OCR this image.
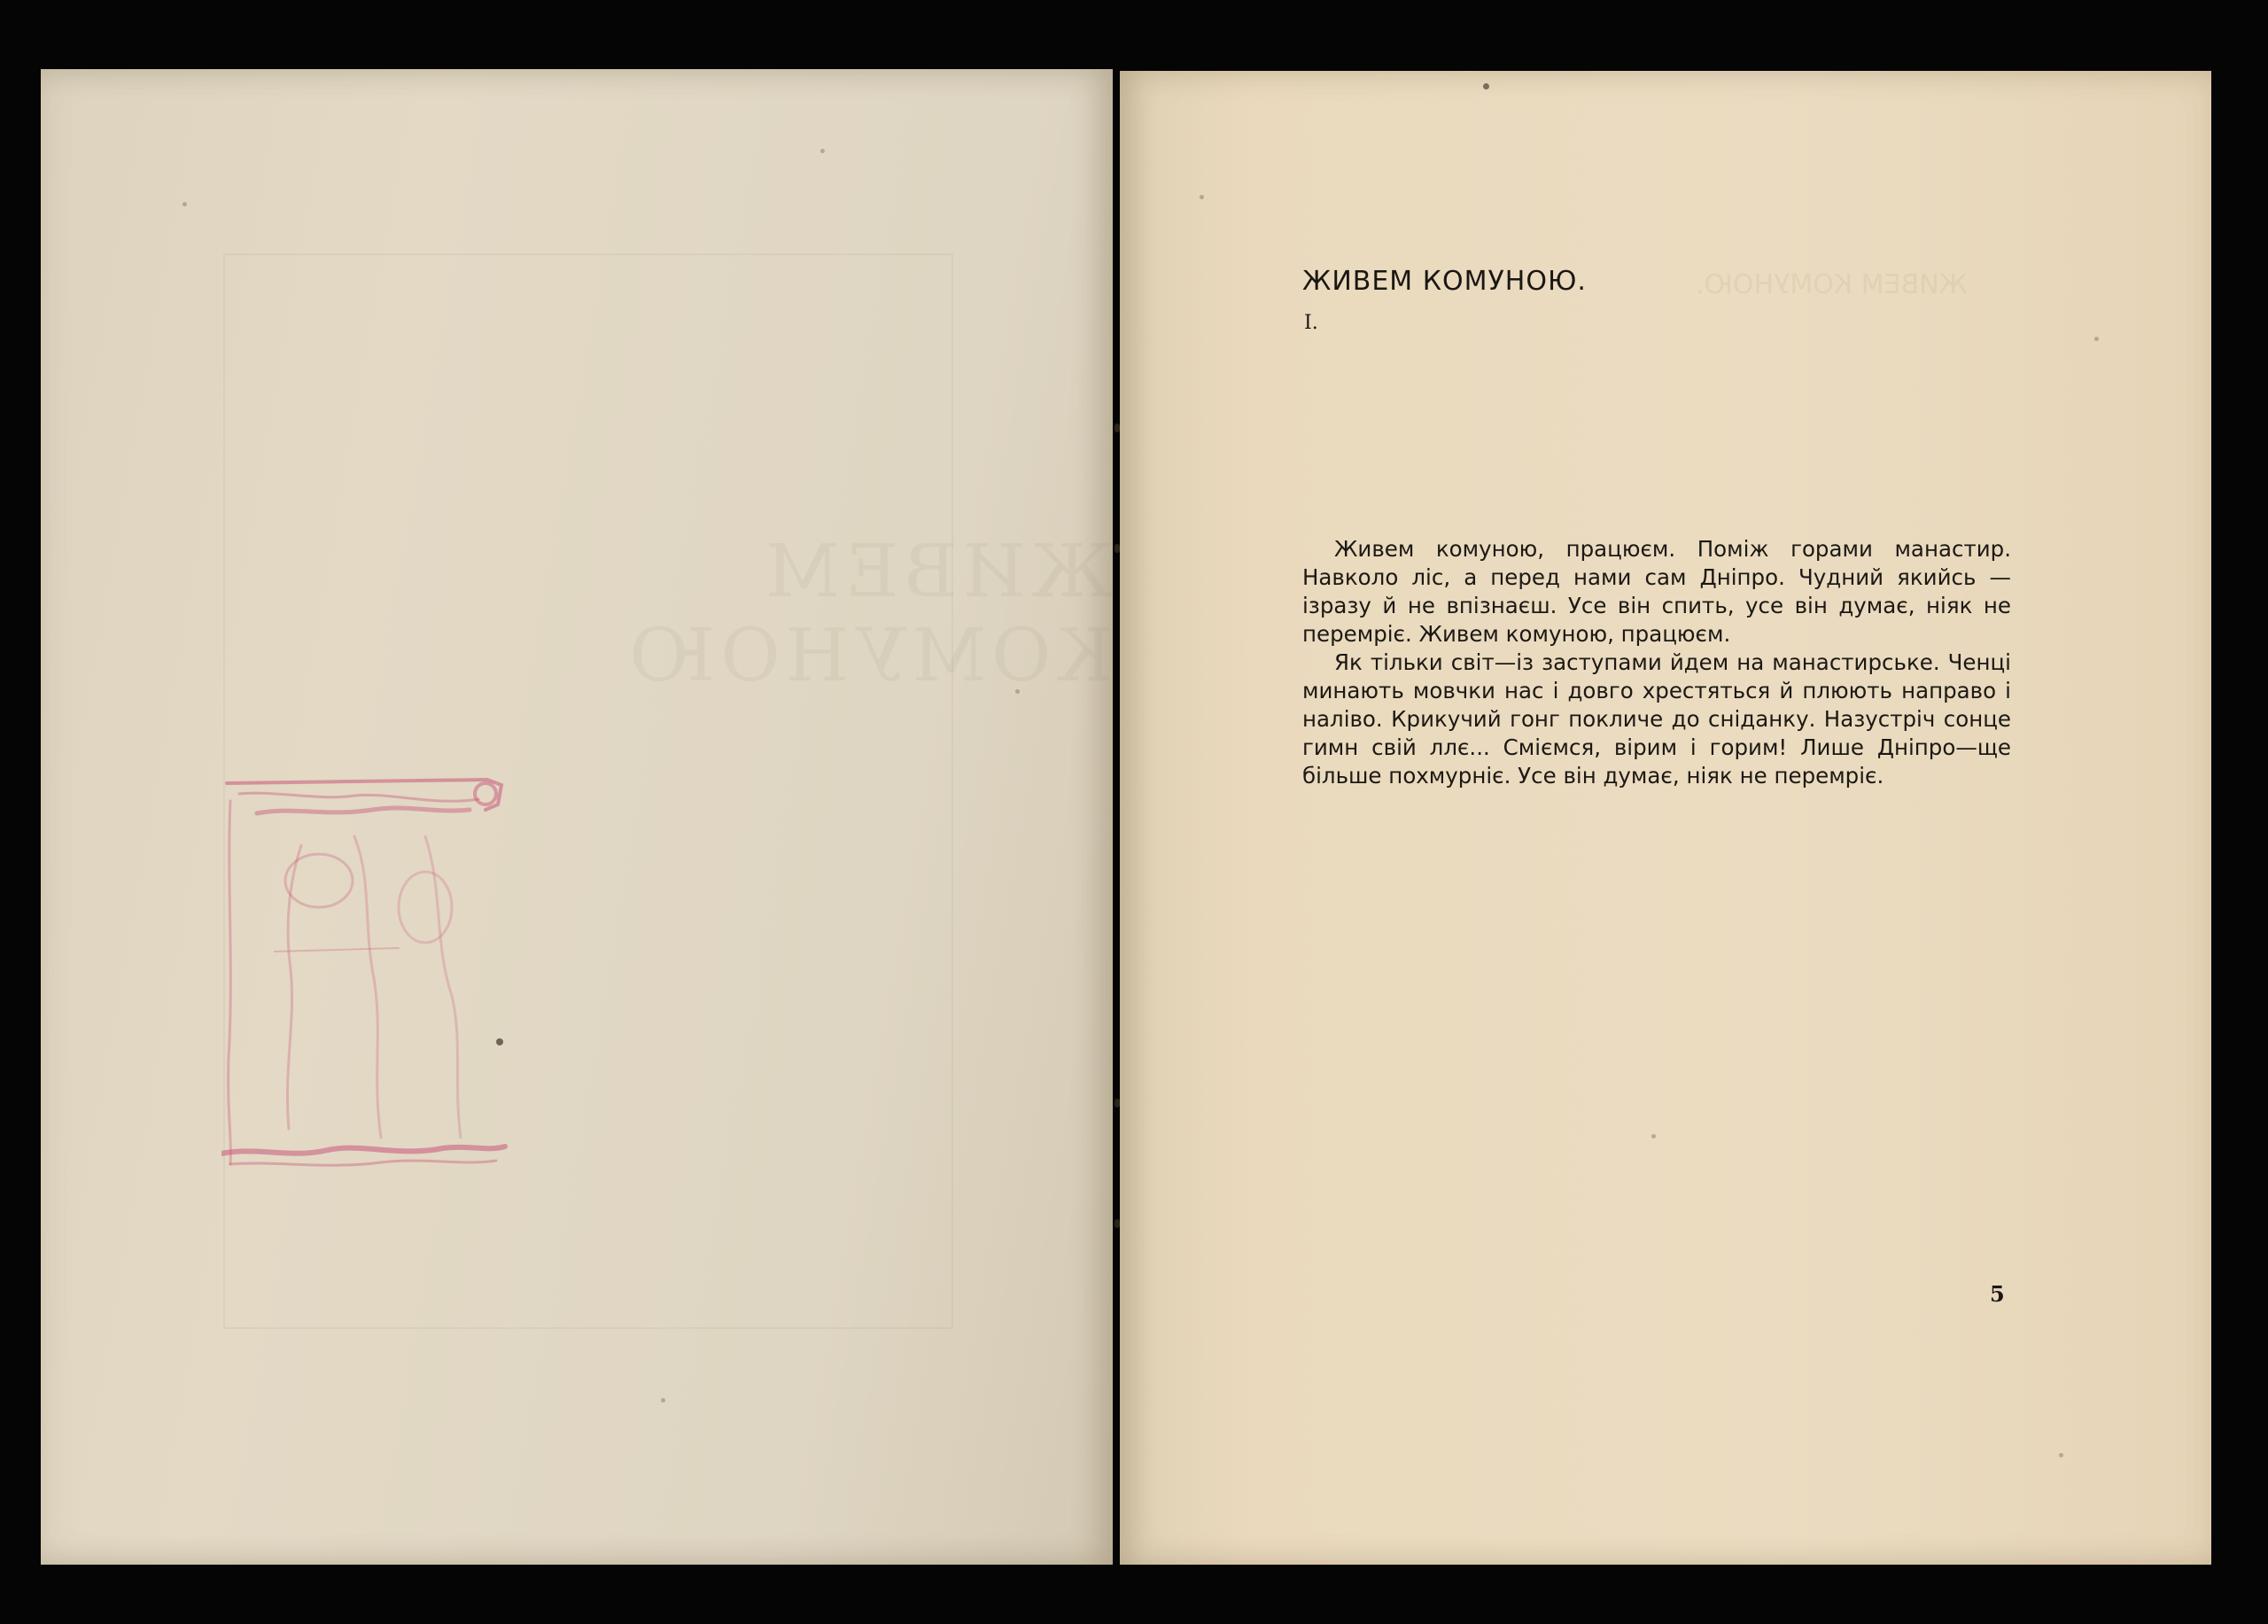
ЖИВЕМ КОМУНОЮ
ЖИВЕМ КОМУНОЮ.
ЖИВЕМ КОМУНОЮ.
I.

Живем комуною, працюєм. Поміж горами манастир. Навколо ліс, а перед нами сам Дніпро. Чудний якийсь —ізразу й не впізнаєш. Усе він спить, усе він думає, ніяк не перемріє. Живем комуною, працюєм.

Як тільки світ—із заступами йдем на манастирське. Ченці минають мовчки нас і довго хрестяться й плюють направо і наліво. Крикучий гонг покличе до сніданку. Назустріч сонце гимн свій ллє... Сміємся, вірим і горим! Лише Дніпро—ще більше похмурніє. Усе він думає, ніяк не перемріє.

5
